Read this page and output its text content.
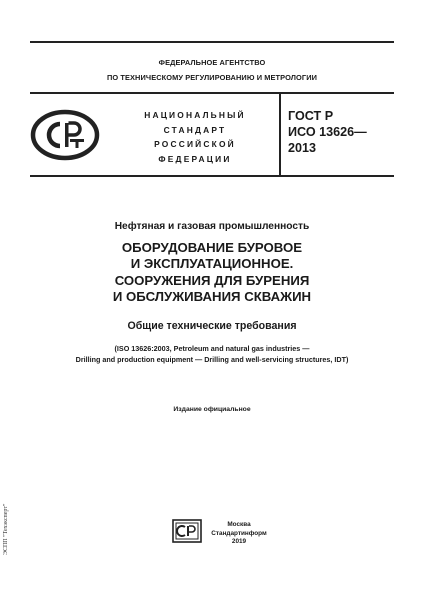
ФЕДЕРАЛЬНОЕ АГЕНТСТВО
ПО ТЕХНИЧЕСКОМУ РЕГУЛИРОВАНИЮ И МЕТРОЛОГИИ
НАЦИОНАЛЬНЫЙ
СТАНДАРТ
РОССИЙСКОЙ
ФЕДЕРАЦИИ
ГОСТ Р
ИСО 13626—
2013
Нефтяная и газовая промышленность
ОБОРУДОВАНИЕ БУРОВОЕ
И ЭКСПЛУАТАЦИОННОЕ.
СООРУЖЕНИЯ ДЛЯ БУРЕНИЯ
И ОБСЛУЖИВАНИЯ СКВАЖИН
Общие технические требования
(ISO 13626:2003, Petroleum and natural gas industries —
Drilling and production equipment — Drilling and well-servicing structures, IDT)
Издание официальное
Москва
Стандартинформ
2019
ЭСПП "Техэксперт"
